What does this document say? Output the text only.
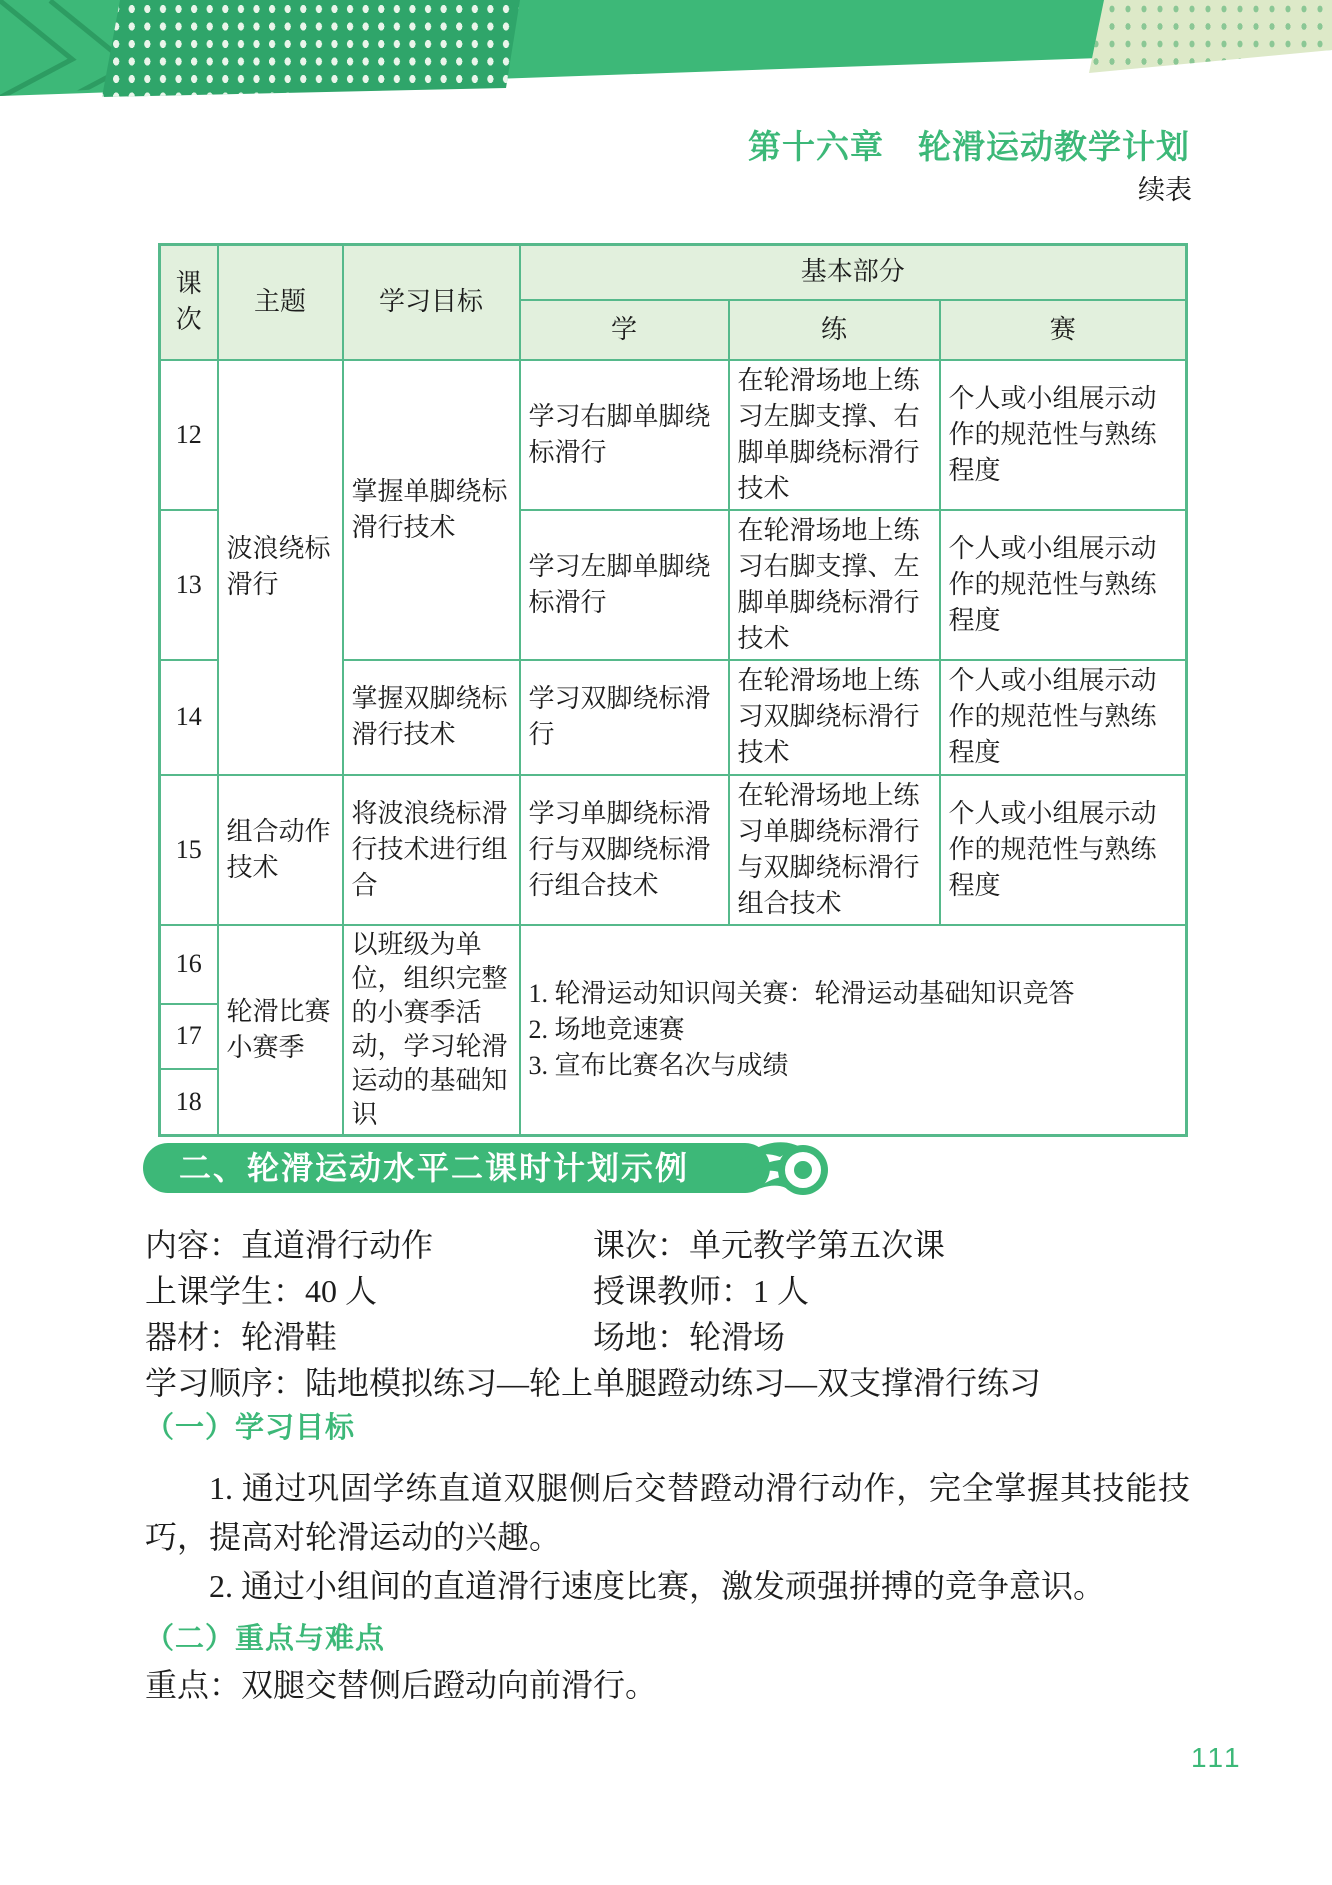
第十六章　轮滑运动教学计划
续表
课次	主题	学习目标	基本部分		
			学	练	赛
12	波浪绕标滑行	掌握单脚绕标滑行技术	学习右脚单脚绕标滑行	在轮滑场地上练习左脚支撑、右脚单脚绕标滑行技术	个人或小组展示动作的规范性与熟练程度
13			学习左脚单脚绕标滑行	在轮滑场地上练习右脚支撑、左脚单脚绕标滑行技术	个人或小组展示动作的规范性与熟练程度
14		掌握双脚绕标滑行技术	学习双脚绕标滑行	在轮滑场地上练习双脚绕标滑行技术	个人或小组展示动作的规范性与熟练程度
15	组合动作技术	将波浪绕标滑行技术进行组合	学习单脚绕标滑行与双脚绕标滑行组合技术	在轮滑场地上练习单脚绕标滑行与双脚绕标滑行组合技术	个人或小组展示动作的规范性与熟练程度
16	轮滑比赛小赛季	以班级为单位，组织完整的小赛季活动，学习轮滑运动的基础知识	1. 轮滑运动知识闯关赛：轮滑运动基础知识竞答
2. 场地竞速赛
3. 宣布比赛名次与成绩		

17					
18					
二、轮滑运动水平二课时计划示例
内容：直道滑行动作	课次：单元教学第五次课
上课学生：40 人	授课教师：1 人
器材：轮滑鞋	场地：轮滑场
学习顺序：陆地模拟练习—轮上单腿蹬动练习—双支撑滑行练习
（一）学习目标

1. 通过巩固学练直道双腿侧后交替蹬动滑行动作，完全掌握其技能技巧，提高对轮滑运动的兴趣。

2. 通过小组间的直道滑行速度比赛，激发顽强拼搏的竞争意识。

（二）重点与难点
重点：双腿交替侧后蹬动向前滑行。
111
